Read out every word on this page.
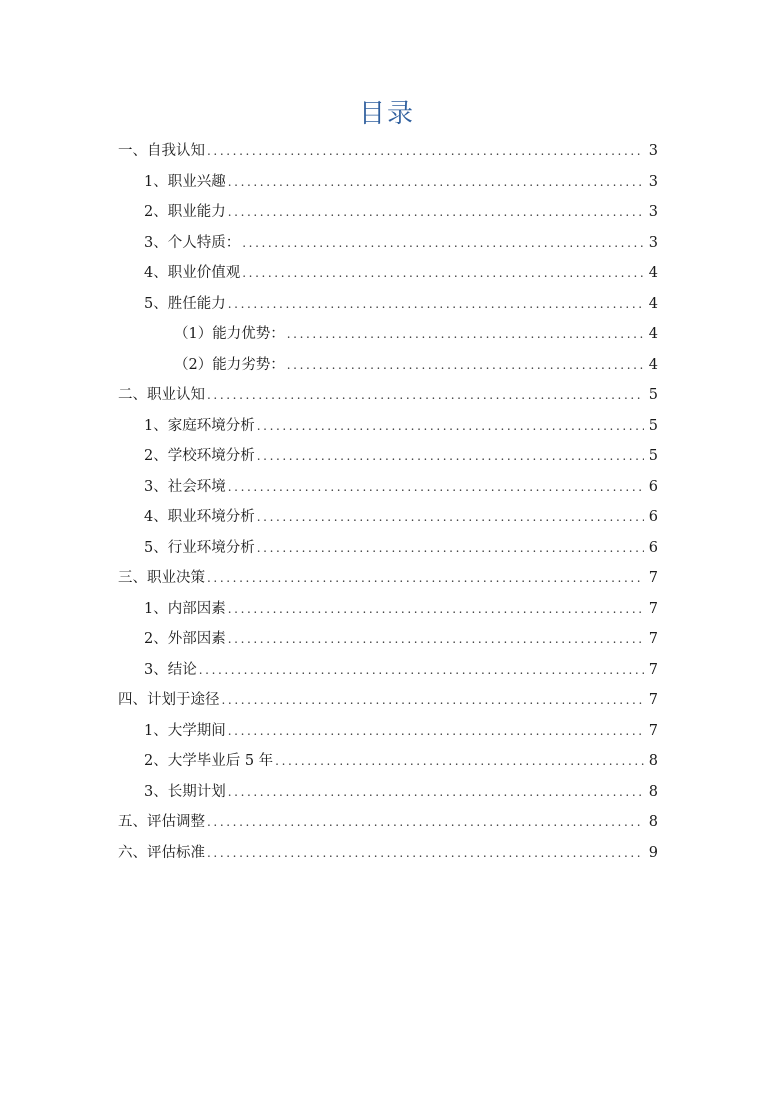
目录
一、自我认知 .....	3
1、职业兴趣 .....	3
2、职业能力 .....	3
3、个人特质： .....	3
4、职业价值观 .....	4
5、胜任能力 .....	4
（1）能力优势： .....	4
（2）能力劣势： .....	4
二、职业认知 .....	5
1、家庭环境分析 .....	5
2、学校环境分析 .....	5
3、社会环境 .....	6
4、职业环境分析 .....	6
5、行业环境分析 .....	6
三、职业决策 .....	7
1、内部因素 .....	7
2、外部因素 .....	7
3、结论 .....	7
四、计划于途径 .....	7
1、大学期间 .....	7
2、大学毕业后 5 年 .....	8
3、长期计划 .....	8
五、评估调整 .....	8
六、评估标准 .....	9
